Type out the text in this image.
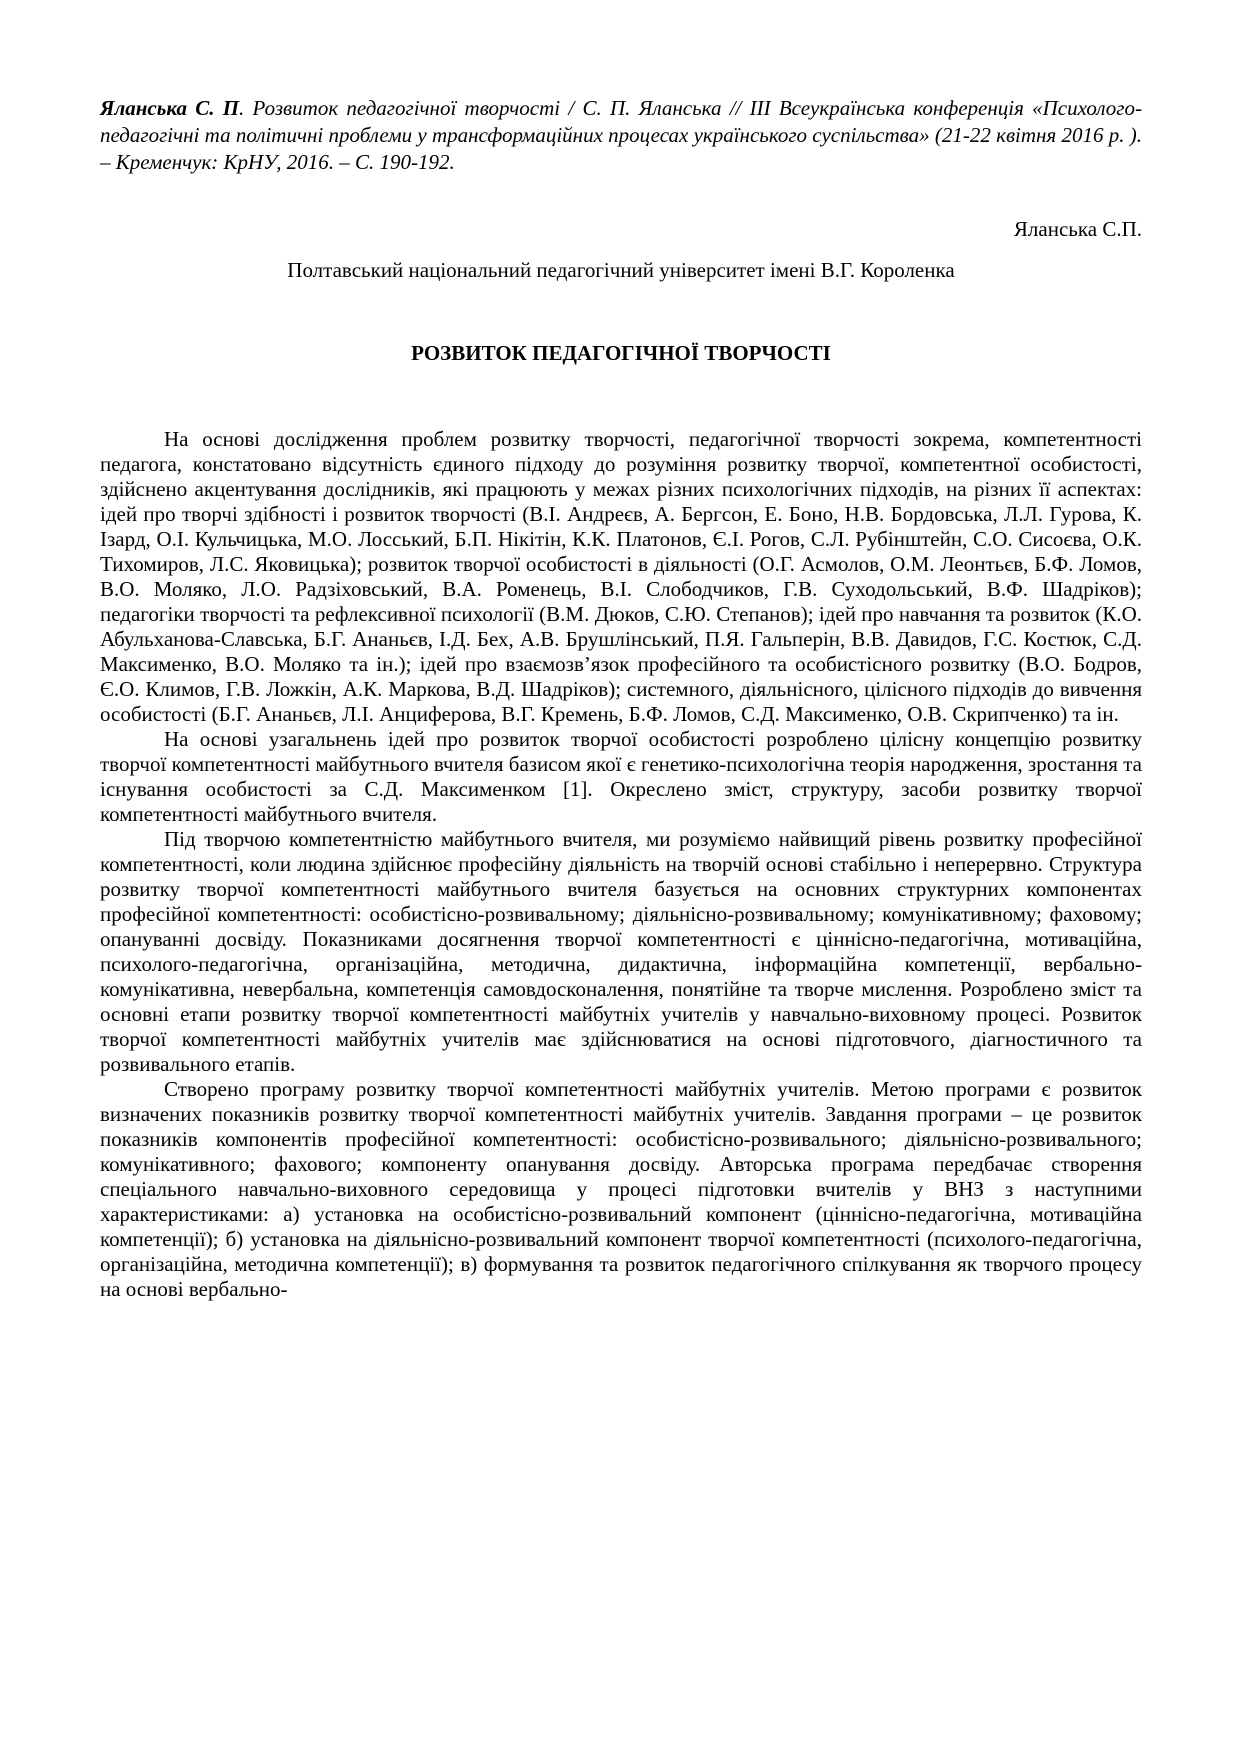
Яланська С. П. Розвиток педагогічної творчості / С. П. Яланська // ІІІ Всеукраїнська конференція «Психолого-педагогічні та політичні проблеми у трансформаційних процесах українського суспільства» (21-22 квітня 2016 р. ). – Кременчук: КрНУ, 2016. – С. 190-192.

Яланська С.П.

Полтавський національний педагогічний університет імені В.Г. Короленка

РОЗВИТОК ПЕДАГОГІЧНОЇ ТВОРЧОСТІ

На основі дослідження проблем розвитку творчості, педагогічної творчості зокрема, компетентності педагога, констатовано відсутність єдиного підходу до розуміння розвитку творчої, компетентної особистості, здійснено акцентування дослідників, які працюють у межах різних психологічних підходів, на різних її аспектах: ідей про творчі здібності і розвиток творчості (В.І. Андреєв, А. Бергсон, Е. Боно, Н.В. Бордовська, Л.Л. Гурова, К. Ізард, О.І. Кульчицька, М.О. Лосський, Б.П. Нікітін, К.К. Платонов, Є.І. Рогов, С.Л. Рубінштейн, С.О. Сисоєва, О.К. Тихомиров, Л.С. Яковицька); розвиток творчої особистості в діяльності (О.Г. Асмолов, О.М. Леонтьєв, Б.Ф. Ломов, В.О. Моляко, Л.О. Радзіховський, В.А. Роменець, В.І. Слободчиков, Г.В. Суходольський, В.Ф. Шадріков); педагогіки творчості та рефлексивної психології (В.М. Дюков, С.Ю. Степанов); ідей про навчання та розвиток (К.О. Абульханова-Славська, Б.Г. Ананьєв, І.Д. Бех, А.В. Брушлінський, П.Я. Гальперін, В.В. Давидов, Г.С. Костюк, С.Д. Максименко, В.О. Моляко та ін.); ідей про взаємозв’язок професійного та особистісного розвитку (В.О. Бодров, Є.О. Климов, Г.В. Ложкін, А.К. Маркова, В.Д. Шадріков); системного, діяльнісного, цілісного підходів до вивчення особистості (Б.Г. Ананьєв, Л.І. Анциферова, В.Г. Кремень, Б.Ф. Ломов, С.Д. Максименко, О.В. Скрипченко) та ін.

На основі узагальнень ідей про розвиток творчої особистості розроблено цілісну концепцію розвитку творчої компетентності майбутнього вчителя базисом якої є генетико-психологічна теорія народження, зростання та існування особистості за С.Д. Максименком [1]. Окреслено зміст, структуру, засоби розвитку творчої компетентності майбутнього вчителя.

Під творчою компетентністю майбутнього вчителя, ми розуміємо найвищий рівень розвитку професійної компетентності, коли людина здійснює професійну діяльність на творчій основі стабільно і неперервно. Структура розвитку творчої компетентності майбутнього вчителя базується на основних структурних компонентах професійної компетентності: особистісно-розвивальному; діяльнісно-розвивальному; комунікативному; фаховому; опануванні досвіду. Показниками досягнення творчої компетентності є ціннісно-педагогічна, мотиваційна, психолого-педагогічна, організаційна, методична, дидактична, інформаційна компетенції, вербально-комунікативна, невербальна, компетенція самовдосконалення, понятійне та творче мислення. Розроблено зміст та основні етапи розвитку творчої компетентності майбутніх учителів у навчально-виховному процесі. Розвиток творчої компетентності майбутніх учителів має здійснюватися на основі підготовчого, діагностичного та розвивального етапів.

Створено програму розвитку творчої компетентності майбутніх учителів. Метою програми є розвиток визначених показників розвитку творчої компетентності майбутніх учителів. Завдання програми – це розвиток показників компонентів професійної компетентності: особистісно-розвивального; діяльнісно-розвивального; комунікативного; фахового; компоненту опанування досвіду. Авторська програма передбачає створення спеціального навчально-виховного середовища у процесі підготовки вчителів у ВНЗ з наступними характеристиками: а) установка на особистісно-розвивальний компонент (ціннісно-педагогічна, мотиваційна компетенції); б) установка на діяльнісно-розвивальний компонент творчої компетентності (психолого-педагогічна, організаційна, методична компетенції); в) формування та розвиток педагогічного спілкування як творчого процесу на основі вербально-
